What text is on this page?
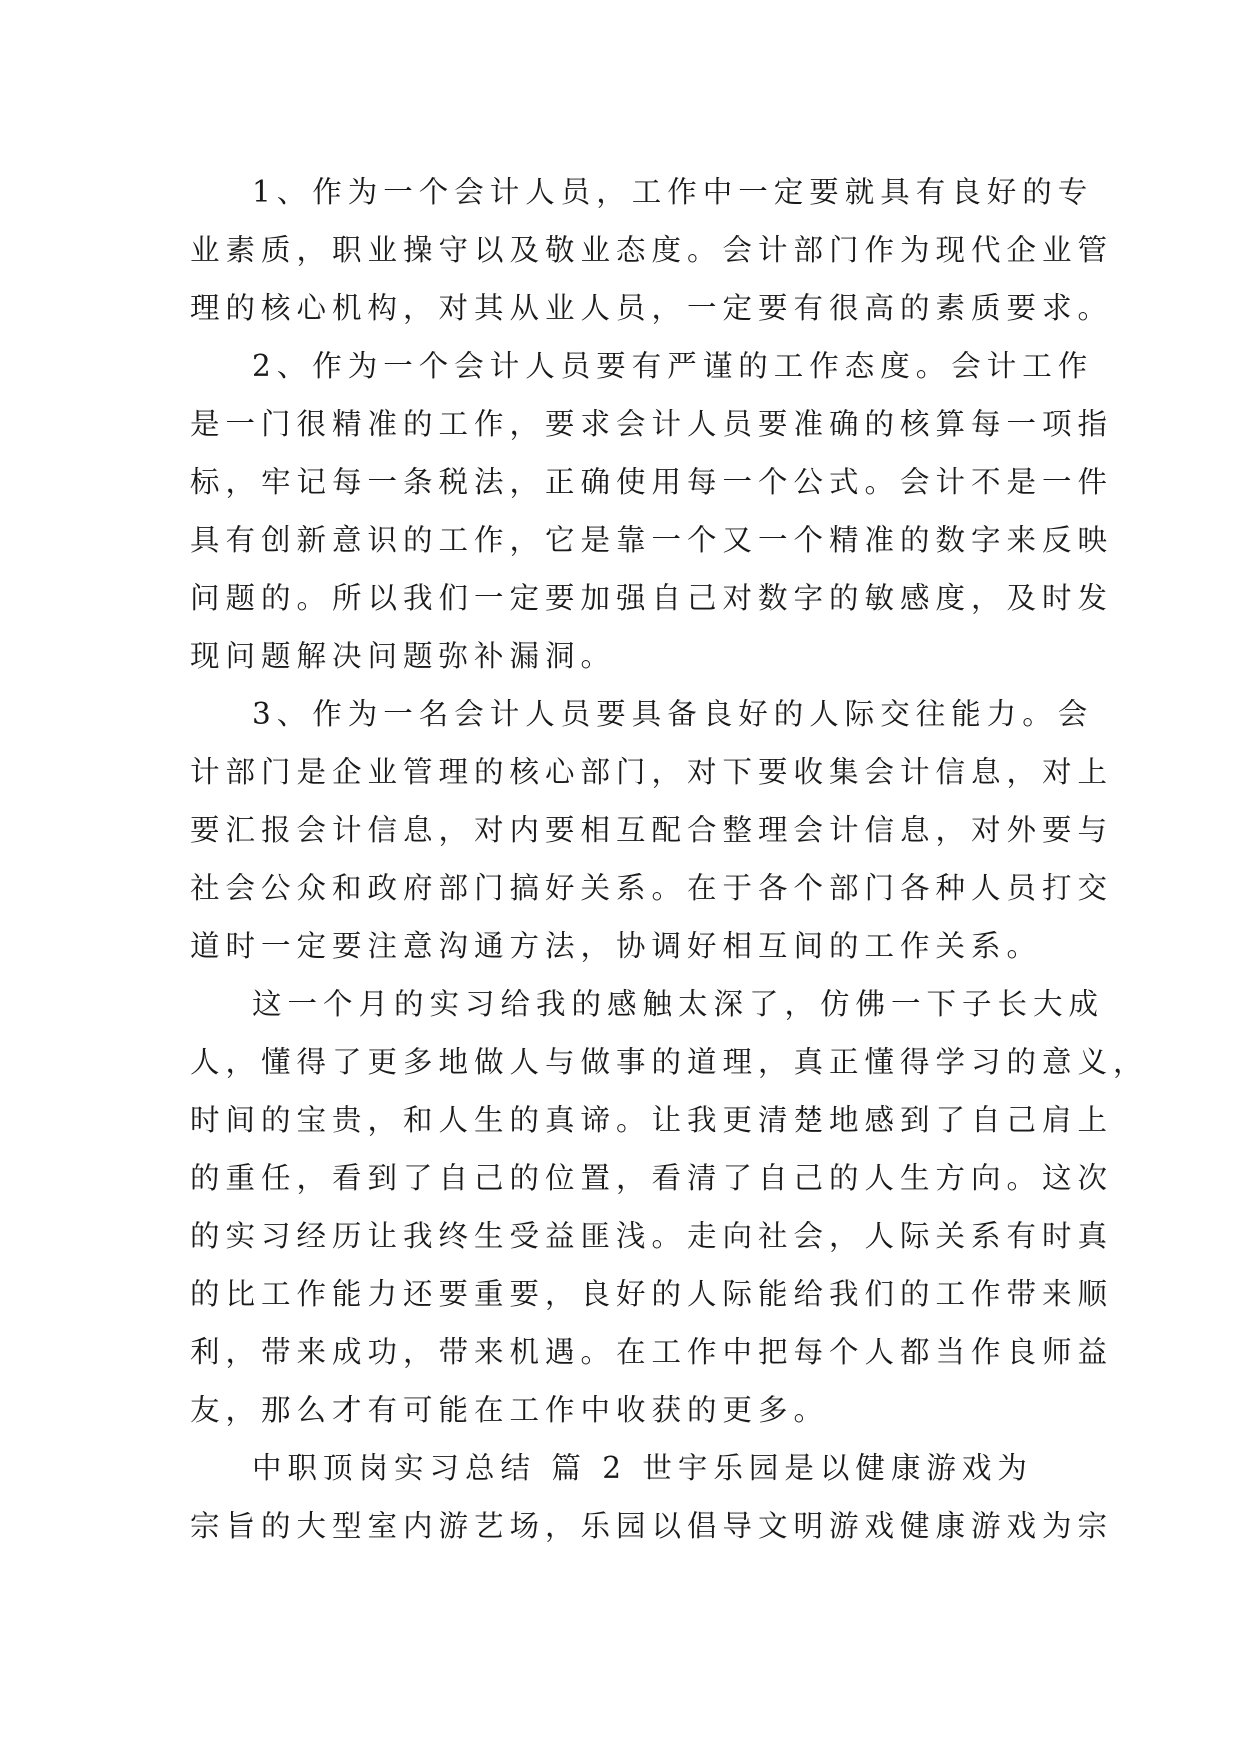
1、作为一个会计人员，工作中一定要就具有良好的专
业素质，职业操守以及敬业态度。会计部门作为现代企业管
理的核心机构，对其从业人员，一定要有很高的素质要求。
2、作为一个会计人员要有严谨的工作态度。会计工作
是一门很精准的工作，要求会计人员要准确的核算每一项指
标，牢记每一条税法，正确使用每一个公式。会计不是一件
具有创新意识的工作，它是靠一个又一个精准的数字来反映
问题的。所以我们一定要加强自己对数字的敏感度，及时发
现问题解决问题弥补漏洞。
3、作为一名会计人员要具备良好的人际交往能力。会
计部门是企业管理的核心部门，对下要收集会计信息，对上
要汇报会计信息，对内要相互配合整理会计信息，对外要与
社会公众和政府部门搞好关系。在于各个部门各种人员打交
道时一定要注意沟通方法，协调好相互间的工作关系。
这一个月的实习给我的感触太深了，仿佛一下子长大成
人，懂得了更多地做人与做事的道理，真正懂得学习的意义，
时间的宝贵，和人生的真谛。让我更清楚地感到了自己肩上
的重任，看到了自己的位置，看清了自己的人生方向。这次
的实习经历让我终生受益匪浅。走向社会，人际关系有时真
的比工作能力还要重要，良好的人际能给我们的工作带来顺
利，带来成功，带来机遇。在工作中把每个人都当作良师益
友，那么才有可能在工作中收获的更多。
中职顶岗实习总结 篇 2 世宇乐园是以健康游戏为
宗旨的大型室内游艺场，乐园以倡导文明游戏健康游戏为宗
